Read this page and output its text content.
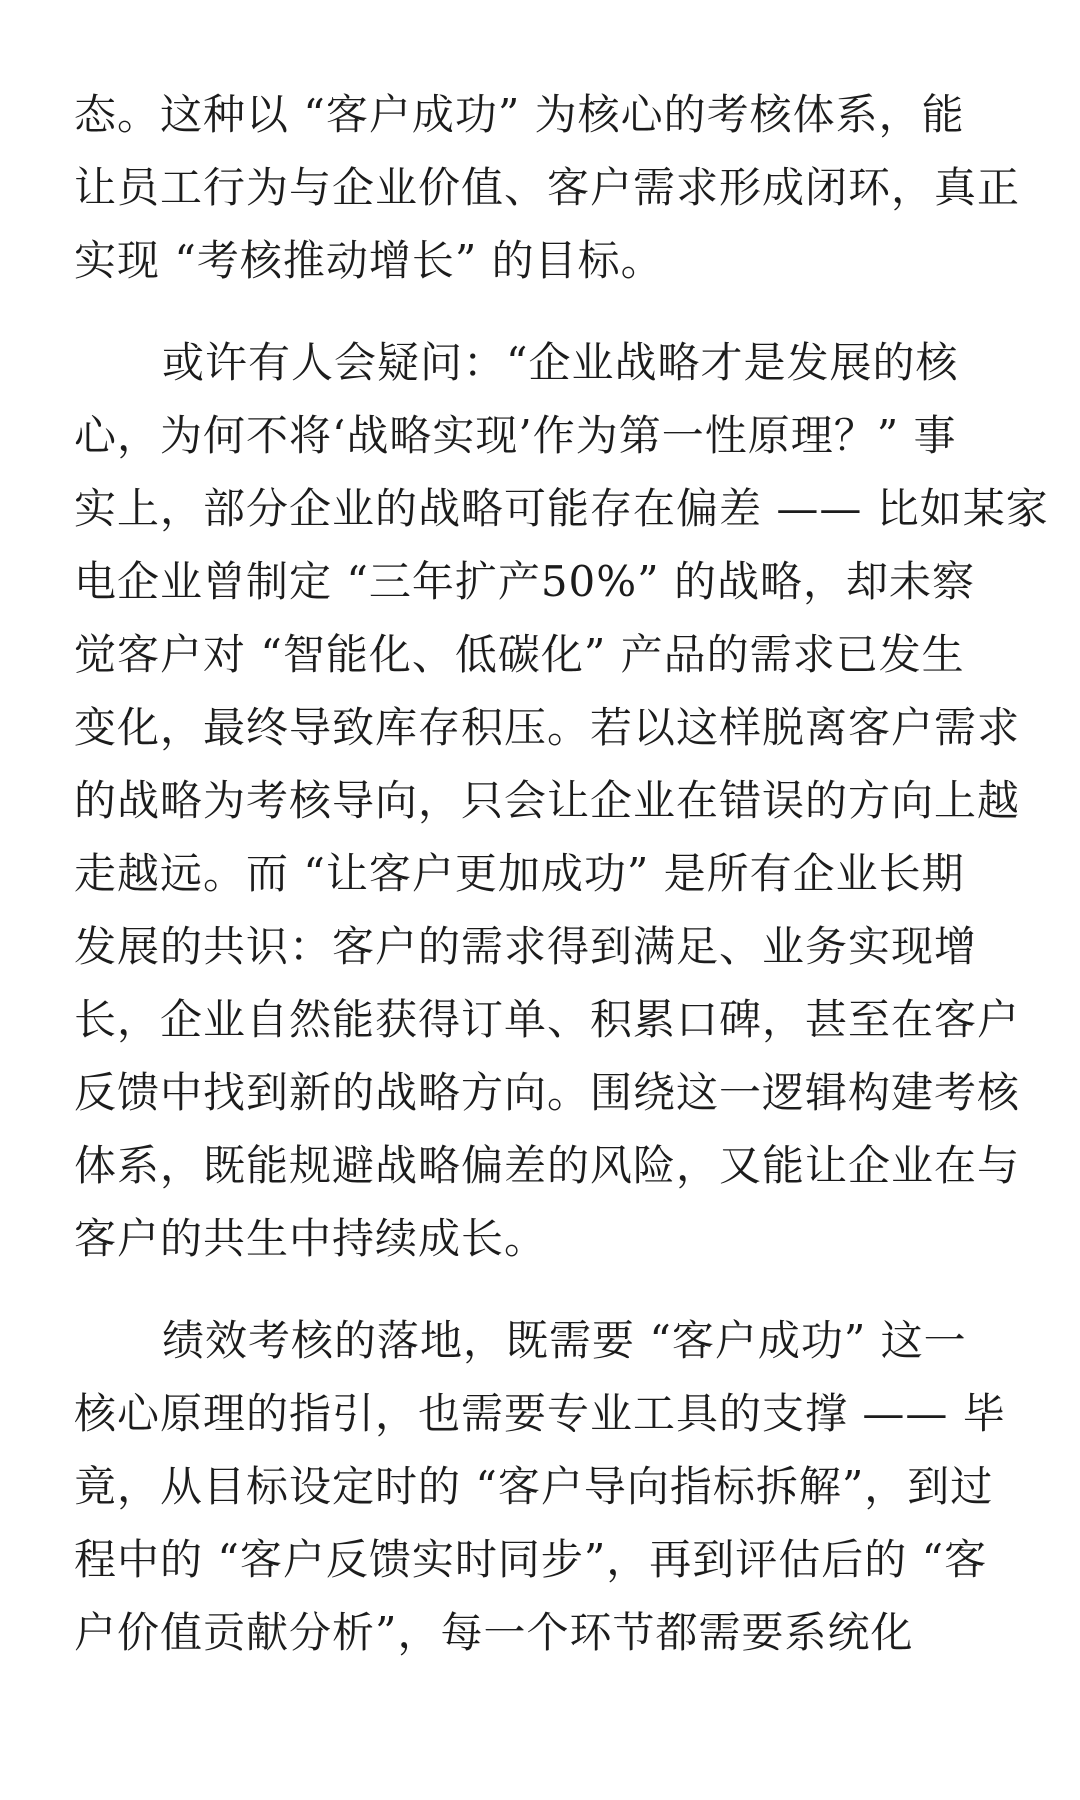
态。这种以 “客户成功” 为核心的考核体系，能
让员工行为与企业价值、客户需求形成闭环，真正
实现 “考核推动增长” 的目标。

或许有人会疑问：“企业战略才是发展的核
心，为何不将‘战略实现’作为第一性原理？” 事
实上，部分企业的战略可能存在偏差 —— 比如某家
电企业曾制定 “三年扩产50%” 的战略，却未察
觉客户对 “智能化、低碳化” 产品的需求已发生
变化，最终导致库存积压。若以这样脱离客户需求
的战略为考核导向，只会让企业在错误的方向上越
走越远。而 “让客户更加成功” 是所有企业长期
发展的共识：客户的需求得到满足、业务实现增
长，企业自然能获得订单、积累口碑，甚至在客户
反馈中找到新的战略方向。围绕这一逻辑构建考核
体系，既能规避战略偏差的风险，又能让企业在与
客户的共生中持续成长。

绩效考核的落地，既需要 “客户成功” 这一
核心原理的指引，也需要专业工具的支撑 —— 毕
竟，从目标设定时的 “客户导向指标拆解”，到过
程中的 “客户反馈实时同步”，再到评估后的 “客
户价值贡献分析”，每一个环节都需要系统化
